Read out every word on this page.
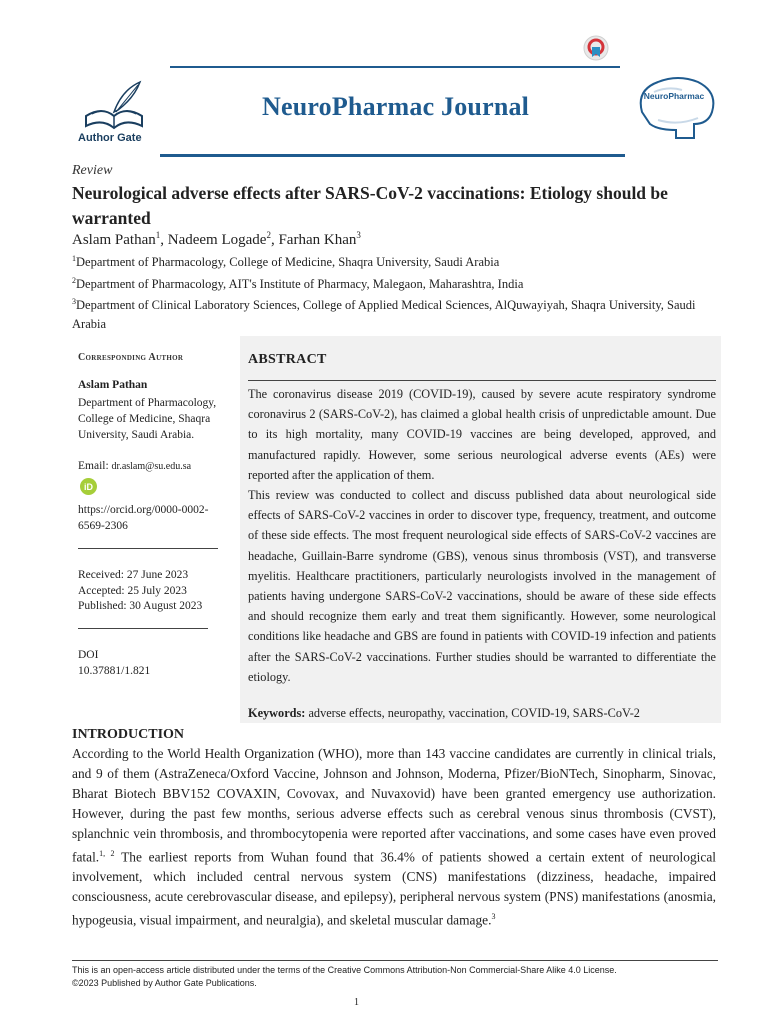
NeuroPharmac Journal
Author Gate
NeuroPharmac
Review
Neurological adverse effects after SARS-CoV-2 vaccinations: Etiology should be warranted
Aslam Pathan$^1$, Nadeem Logade$^2$, Farhan Khan$^3$
$^1$Department of Pharmacology, College of Medicine, Shaqra University, Saudi Arabia
$^2$Department of Pharmacology, AIT's Institute of Pharmacy, Malegaon, Maharashtra, India
$^3$Department of Clinical Laboratory Sciences, College of Applied Medical Sciences, AlQuwayiyah, Shaqra University, Saudi Arabia
Corresponding Author
Aslam Pathan
Department of Pharmacology, College of Medicine, Shaqra University, Saudi Arabia.
Email: dr.aslam@su.edu.sa
iD
https://orcid.org/0000-0002-6569-2306
Received: 27 June 2023
Accepted: 25 July 2023
Published: 30 August 2023
DOI
10.37881/1.821
ABSTRACT

The coronavirus disease 2019 (COVID-19), caused by severe acute respiratory syndrome coronavirus 2 (SARS-CoV-2), has claimed a global health crisis of unpredictable amount. Due to its high mortality, many COVID-19 vaccines are being developed, approved, and manufactured rapidly. However, some serious neurological adverse events (AEs) were reported after the application of them.

This review was conducted to collect and discuss published data about neurological side effects of SARS-CoV-2 vaccines in order to discover type, frequency, treatment, and outcome of these side effects. The most frequent neurological side effects of SARS-CoV-2 vaccines are headache, Guillain-Barre syndrome (GBS), venous sinus thrombosis (VST), and transverse myelitis. Healthcare practitioners, particularly neurologists involved in the management of patients having undergone SARS-CoV-2 vaccinations, should be aware of these side effects and should recognize them early and treat them significantly. However, some neurological conditions like headache and GBS are found in patients with COVID-19 infection and patients after the SARS-CoV-2 vaccinations. Further studies should be warranted to differentiate the etiology.

Keywords: adverse effects, neuropathy, vaccination, COVID-19, SARS-CoV-2
INTRODUCTION
According to the World Health Organization (WHO), more than 143 vaccine candidates are currently in clinical trials, and 9 of them (AstraZeneca/Oxford Vaccine, Johnson and Johnson, Moderna, Pfizer/BioNTech, Sinopharm, Sinovac, Bharat Biotech BBV152 COVAXIN, Covovax, and Nuvaxovid) have been granted emergency use authorization. However, during the past few months, serious adverse effects such as cerebral venous sinus thrombosis (CVST), splanchnic vein thrombosis, and thrombocytopenia were reported after vaccinations, and some cases have even proved fatal.$^{1, 2}$ The earliest reports from Wuhan found that 36.4% of patients showed a certain extent of neurological involvement, which included central nervous system (CNS) manifestations (dizziness, headache, impaired consciousness, acute cerebrovascular disease, and epilepsy), peripheral nervous system (PNS) manifestations (anosmia, hypogeusia, visual impairment, and neuralgia), and skeletal muscular damage.$^3$
This is an open-access article distributed under the terms of the Creative Commons Attribution-Non Commercial-Share Alike 4.0 License.
©2023 Published by Author Gate Publications.
1
